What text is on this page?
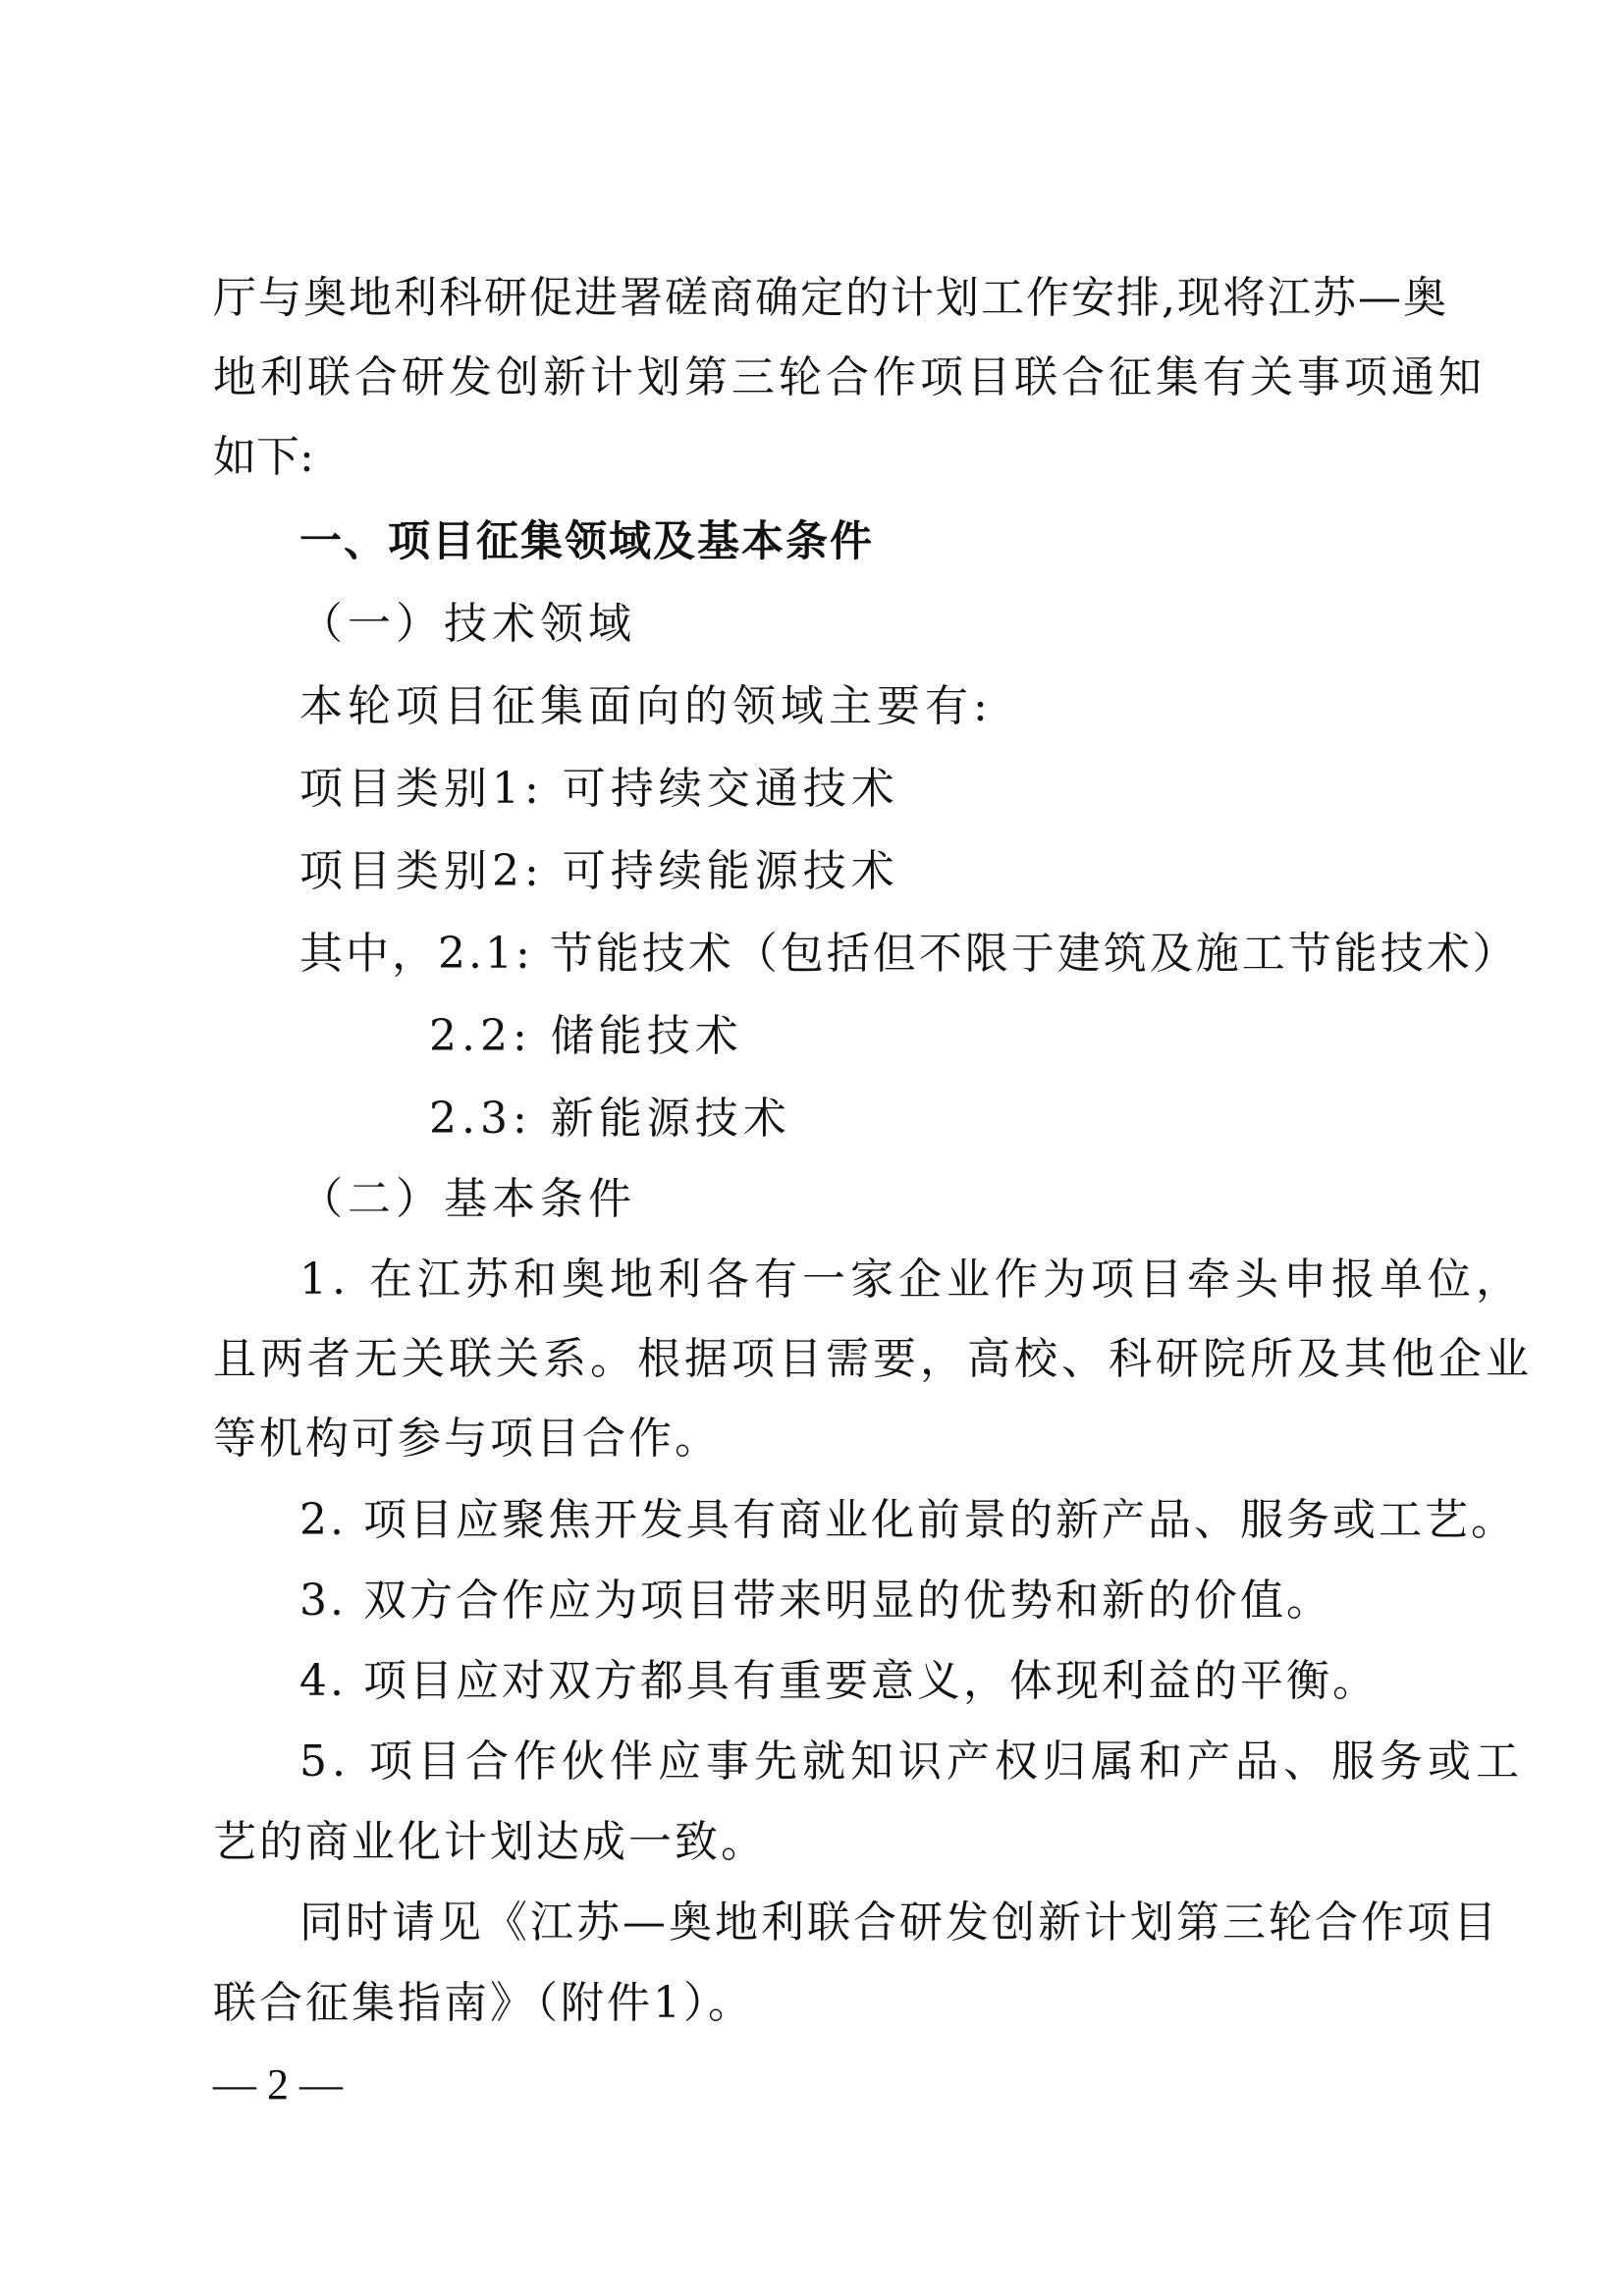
厅与奥地利科研促进署磋商确定的计划工作安排,现将江苏—奥
地利联合研发创新计划第三轮合作项目联合征集有关事项通知
如下:
一、项目征集领域及基本条件
（一）技术领域
本轮项目征集面向的领域主要有:
项目类别1: 可持续交通技术
项目类别2: 可持续能源技术
其中，2.1: 节能技术（包括但不限于建筑及施工节能技术）
2.2: 储能技术
2.3: 新能源技术
（二）基本条件
1. 在江苏和奥地利各有一家企业作为项目牵头申报单位，
且两者无关联关系。根据项目需要，高校、科研院所及其他企业
等机构可参与项目合作。
2. 项目应聚焦开发具有商业化前景的新产品、服务或工艺。
3. 双方合作应为项目带来明显的优势和新的价值。
4. 项目应对双方都具有重要意义，体现利益的平衡。
5. 项目合作伙伴应事先就知识产权归属和产品、服务或工
艺的商业化计划达成一致。
同时请见《江苏—奥地利联合研发创新计划第三轮合作项目
联合征集指南》（附件1）。
— 2 —
